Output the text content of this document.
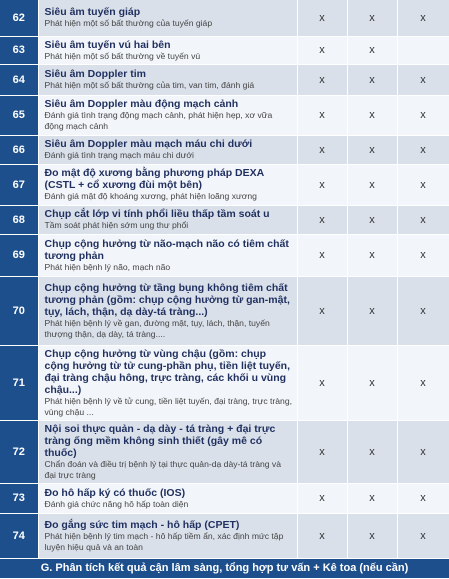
62	Siêu âm tuyến giáp
Phát hiện một số bất thường của tuyến giáp	x	x	x
63	Siêu âm tuyến vú hai bên
Phát hiện một số bất thường về tuyến vú	x	x	
64	Siêu âm Doppler tim
Phát hiện một số bất thường của tim, van tim, đánh giá	x	x	x
65	Siêu âm Doppler màu động mạch cảnh
Đánh giá tình trạng động mạch cảnh, phát hiện hẹp, xơ vữa động mạch cảnh	x	x	x
66	Siêu âm Doppler màu mạch máu chi dưới
Đánh giá tình trạng mạch máu chi dưới	x	x	x
67	Đo mật độ xương bằng phương pháp DEXA (CSTL + cổ xương đùi một bên)
Đánh giá mật độ khoáng xương, phát hiện loãng xương	x	x	x
68	Chụp cắt lớp vi tính phổi liều thấp tầm soát u
Tầm soát phát hiện sớm ung thư phổi	x	x	x
69	Chụp cộng hưởng từ não-mạch não có tiêm chất tương phản
Phát hiện bệnh lý não, mạch não	x	x	x
70	Chụp cộng hưởng từ tầng bụng không tiêm chất tương phản (gồm: chụp cộng hưởng từ gan-mật, tụy, lách, thận, dạ dày-tá tràng...)
Phát hiện bệnh lý về gan, đường mật, tụy, lách, thận, tuyến thượng thận, dạ dày, tá tràng....	x	x	x
71	Chụp cộng hưởng từ vùng chậu (gồm: chụp cộng hưởng từ tử cung-phần phụ, tiền liệt tuyến, đại tràng chậu hông, trực tràng, các khối u vùng chậu...)
Phát hiện bệnh lý về tử cung, tiền liệt tuyến, đại tràng, trực tràng, vùng chậu ...	x	x	x
72	Nội soi thực quản - dạ dày - tá tràng + đại trực tràng ống mềm không sinh thiết (gây mê có thuốc)
Chẩn đoán và điều trị bệnh lý tại thực quản-dạ dày-tá tràng và đại trực tràng	x	x	x
73	Đo hô hấp ký có thuốc (IOS)
Đánh giá chức năng hô hấp toàn diện	x	x	x
74	Đo gắng sức tim mạch - hô hấp (CPET)
Phát hiện bệnh lý tim mạch - hô hấp tiềm ẩn, xác định mức tập luyện hiệu quả và an toàn	x	x	x
G. Phân tích kết quả cận lâm sàng, tổng hợp tư vấn + Kê toa (nếu cần)				
